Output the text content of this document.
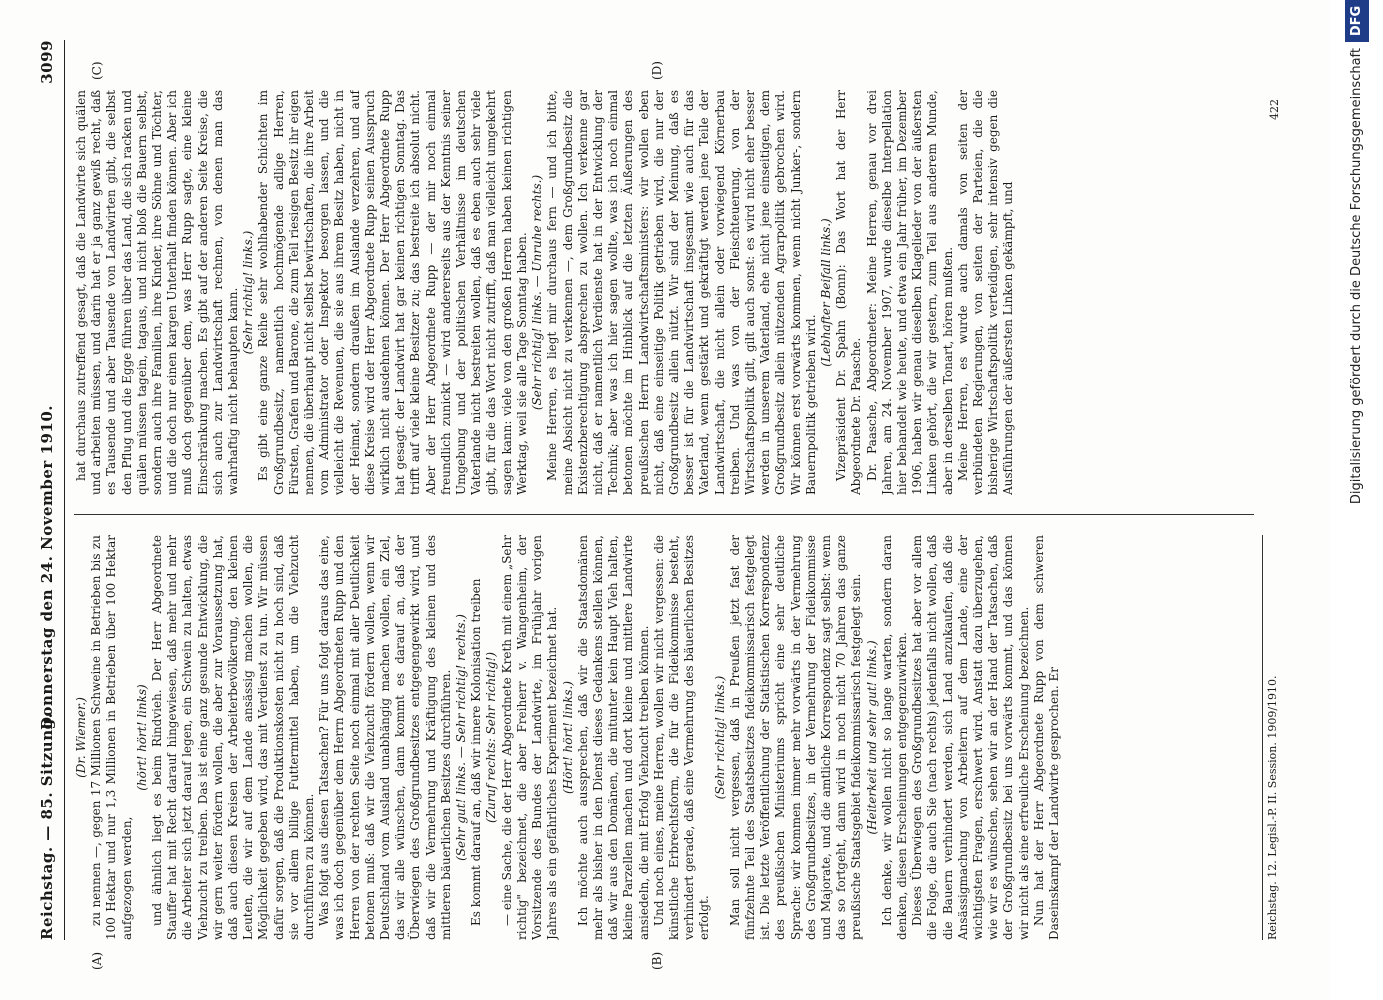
Reichstag. — 85. Sitzung.
Donnerstag den 24. November 1910.
3099
(A)	(B)
(C)	(D)

(Dr. Wiemer.) zu nennen —, gegen 17 Millionen Schweine in Betrieben bis zu 100 Hektar und nur 1,3 Millionen in Betrieben über 100 Hektar aufgezogen werden,

(hört! hört! links) und ähnlich liegt es beim Rindvieh. Der Herr Abgeordnete Stauffer hat mit Recht darauf hingewiesen, daß mehr und mehr die Arbeiter sich jetzt darauf legen, ein Schwein zu halten, etwas Viehzucht zu treiben. Das ist eine ganz gesunde Entwicklung, die wir gern weiter fördern wollen, die aber zur Voraussetzung hat, daß auch diesen Kreisen der Arbeiterbevölkerung, den kleinen Leuten, die wir auf dem Lande ansässig machen wollen, die Möglichkeit gegeben wird, das mit Verdienst zu tun. Wir müssen dafür sorgen, daß die Produktionskosten nicht zu hoch sind, daß sie vor allem billige Futtermittel haben, um die Viehzucht durchführen zu können. Was folgt aus diesen Tatsachen? Für uns folgt daraus das eine, was ich doch gegenüber dem Herrn Abgeordneten Rupp und den Herren von der rechten Seite noch einmal mit aller Deutlichkeit betonen muß: daß wir die Viehzucht fördern wollen, wenn wir Deutschland vom Ausland unabhängig machen wollen, ein Ziel, das wir alle wünschen, dann kommt es darauf an, daß der Überwiegen des Großgrundbesitzes entgegengewirkt wird, und daß wir die Vermehrung und Kräftigung des kleinen und des mittleren bäuerlichen Besitzes durchführen. (Sehr gut! links. — Sehr richtig! rechts.) Es kommt darauf an, daß wir innere Kolonisation treiben (Zuruf rechts: Sehr richtig!) — eine Sache, die der Herr Abgeordnete Kreth mit einem „Sehr richtig" bezeichnet, die aber Freiherr v. Wangenheim, der Vorsitzende des Bundes der Landwirte, im Frühjahr vorigen Jahres als ein gefährliches Experiment bezeichnet hat. (Hört! hört! links.) Ich möchte auch aussprechen, daß wir die Staatsdomänen mehr als bisher in den Dienst dieses Gedankens stellen können, daß wir aus den Domänen, die mitunter kein Haupt Vieh halten, kleine Parzellen machen und dort kleine und mittlere Landwirte ansiedeln, die mit Erfolg Viehzucht treiben können. Und noch eines, meine Herren, wollen wir nicht vergessen: die künstliche Erbrechtsform, die für die Fideikommisse besteht, verhindert gerade, daß eine Vermehrung des bäuerlichen Besitzes erfolgt.

(Sehr richtig! links.) Man soll nicht vergessen, daß in Preußen jetzt fast der fünfzehnte Teil des Staatsbesitzes fideikommissarisch festgelegt ist. Die letzte Veröffentlichung der Statistischen Korrespondenz des preußischen Ministeriums spricht eine sehr deutliche Sprache: wir kommen immer mehr vorwärts in der Vermehrung des Großgrundbesitzes, in der Vermehrung der Fideikommisse und Majorate, und die amtliche Korrespondenz sagt selbst: wenn das so fortgeht, dann wird in noch nicht 70 Jahren das ganze preußische Staatsgebiet fideikommissarisch festgelegt sein. (Heiterkeit und sehr gut! links.) Ich denke, wir wollen nicht so lange warten, sondern daran denken, diesen Erscheinungen entgegenzuwirken. Dieses Überwiegen des Großgrundbesitzes hat aber vor allem die Folge, die auch Sie (nach rechts) jedenfalls nicht wollen, daß die Bauern verhindert werden, sich Land anzukaufen, daß die Ansässigmachung von Arbeitern auf dem Lande, eine der wichtigsten Fragen, erschwert wird. Anstatt dazu überzugehen, wie wir es wünschen, sehen wir an der Hand der Tatsachen, daß der Großgrundbesitz bei uns vorwärts kommt, und das können wir nicht als eine erfreuliche Erscheinung bezeichnen. Nun hat der Herr Abgeordnete Rupp von dem schweren Daseinskampf der Landwirte gesprochen. Er

hat durchaus zutreffend gesagt, daß die Landwirte sich quälen und arbeiten müssen, und darin hat er ja ganz gewiß recht, daß es Tausende und aber Tausende von Landwirten gibt, die selbst den Pflug und die Egge führen über das Land, die sich racken und quälen müssen tagein, tagaus, und nicht bloß die Bauern selbst, sondern auch ihre Familien, ihre Kinder, ihre Söhne und Töchter, und die doch nur einen kargen Unterhalt finden können. Aber ich muß doch gegenüber dem, was Herr Rupp sagte, eine kleine Einschränkung machen. Es gibt auf der anderen Seite Kreise, die sich auch zur Landwirtschaft rechnen, von denen man das wahrhaftig nicht behaupten kann. (Sehr richtig! links.) Es gibt eine ganze Reihe sehr wohlhabender Schichten im Großgrundbesitz, namentlich hochmögende adlige Herren, Fürsten, Grafen und Barone, die zum Teil riesigen Besitz ihr eigen nennen, die überhaupt nicht selbst bewirtschaften, die ihre Arbeit vom Administrator oder Inspektor besorgen lassen, und die vielleicht die Revenuen, die sie aus ihrem Besitz haben, nicht in der Heimat, sondern draußen im Auslande verzehren, und auf diese Kreise wird der Herr Abgeordnete Rupp seinen Ausspruch wirklich nicht ausdehnen können. Der Herr Abgeordnete Rupp hat gesagt: der Landwirt hat gar keinen richtigen Sonntag. Das trifft auf viele kleine Besitzer zu; das bestreite ich absolut nicht. Aber der Herr Abgeordnete Rupp — der mir noch einmal freundlich zunickt — wird andererseits aus der Kenntnis seiner Umgebung und der politischen Verhältnisse im deutschen Vaterlande nicht bestreiten wollen, daß es eben auch sehr viele gibt, für die das Wort nicht zutrifft, daß man vielleicht umgekehrt sagen kann: viele von den großen Herren haben keinen richtigen Werktag, weil sie alle Tage Sonntag haben. (Sehr richtig! links. — Unruhe rechts.) Meine Herren, es liegt mir durchaus fern — und ich bitte, meine Absicht nicht zu verkennen —, dem Großgrundbesitz die Existenzberechtigung absprechen zu wollen. Ich verkenne gar nicht, daß er namentlich Verdienste hat in der Entwicklung der Technik; aber was ich hier sagen wollte, was ich noch einmal betonen möchte im Hinblick auf die letzten Äußerungen des preußischen Herrn Landwirtschaftsministers: wir wollen eben nicht, daß eine einseitige Politik getrieben wird, die nur der Großgrundbesitz allein nützt. Wir sind der Meinung, daß es besser ist für die Landwirtschaft insgesamt wie auch für das Vaterland, wenn gestärkt und gekräftigt werden jene Teile der Landwirtschaft, die nicht allein oder vorwiegend Körnerbau treiben. Und was von der Fleischteuerung, von der Wirtschaftspolitik gilt, gilt auch sonst: es wird nicht eher besser werden in unserem Vaterland, ehe nicht jene einseitigen, dem Großgrundbesitz allein nützenden Agrarpolitik gebrochen wird. Wir können erst vorwärts kommen, wenn nicht Junker-, sondern Bauernpolitik getrieben wird.

(Lebhafter Beifall links.) Vizepräsident Dr. Spahn (Bonn): Das Wort hat der Herr Abgeordnete Dr. Paasche. Dr. Paasche, Abgeordneter: Meine Herren, genau vor drei Jahren, am 24. November 1907, wurde dieselbe Interpellation hier behandelt wie heute, und etwa ein Jahr früher, im Dezember 1906, haben wir genau dieselben Klagelieder von der äußersten Linken gehört, die wir gestern, zum Teil aus anderem Munde, aber in derselben Tonart, hören mußten. Meine Herren, es wurde auch damals von seiten der verbündeten Regierungen, von seiten der Parteien, die die bisherige Wirtschaftspolitik verteidigen, sehr intensiv gegen die Ausführungen der äußersten Linken gekämpft, und

Reichstag. 12. Legisl.-P. II. Session. 1909/1910.
422	Digitalisierung gefördert durch die Deutsche Forschungsgemeinschaft
DFG
